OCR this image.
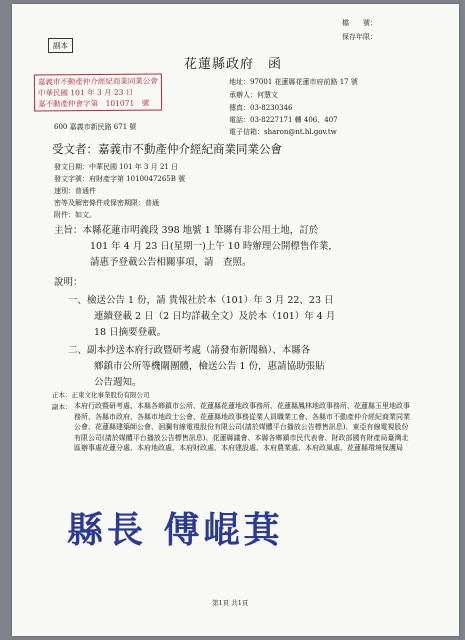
檔　　號：
保存年限：
副本
花蓮縣政府　函
嘉義市不動產仲介經紀商業同業公會
中華民國 101 年 3 月 23 日
嘉不動產仲會字第　101071　號
地址：97001 花蓮縣花蓮市府前路 17 號
承辦人：何慧文
傳真：03-8230346
電話：03-8227171 轉 406、407
電子信箱：sharon@nt.hl.gov.tw
600 嘉義市新民路 671 號
受文者：嘉義市不動產仲介經紀商業同業公會
發文日期：中華民國 101 年 3 月 21 日
發文字號：府財產字第 1010047265B 號
速別：普通件
密等及解密條件或保密期限：普通
附件：如文。
主旨：本縣花蓮市明義段 398 地號 1 筆縣有非公用土地，訂於
101 年 4 月 23 日(星期一)上午 10 時辦理公開標售作業，
請惠予登載公告相關事項，請　查照。
說明：
一、檢送公告 1 份，請 貴報社於本（101）年 3 月 22、23 日
連續登載 2 日（2 日均詳載全文）及於本（101）年 4 月
18 日摘要登載。
二、副本抄送本府行政暨研考處（請發布新聞稿）、本縣各
鄉鎮市公所等機關團體，檢送公告 1 份，惠請協助張貼
公告週知。
正本：正東文化事業股份有限公司
副本： 本府行政暨研考處、本縣各鄉鎮市公所、花蓮縣花蓮地政事務所、花蓮縣鳳林地政事務所、花蓮縣玉里地政事務所、各縣市政府、各縣市地政士公會、花蓮縣地政事務從業人員職業工會、各縣市不動產仲介經紀商業同業公會、花蓮縣建築師公會、洄瀾有線電視股份有限公司(請於媒體平台播放公告標售訊息)、東亞有線電視股份有限公司(請於媒體平台播放公告標售訊息)、花蓮縣議會、本縣各鄉鎮市民代表會、財政部國有財產局臺灣北區辦事處花蓮分處、本府地政處、本府財政處、本府建設處、本府農業處、本府政風處、花蓮縣環境保護局
縣長 傅崐萁
第1頁 共1頁
